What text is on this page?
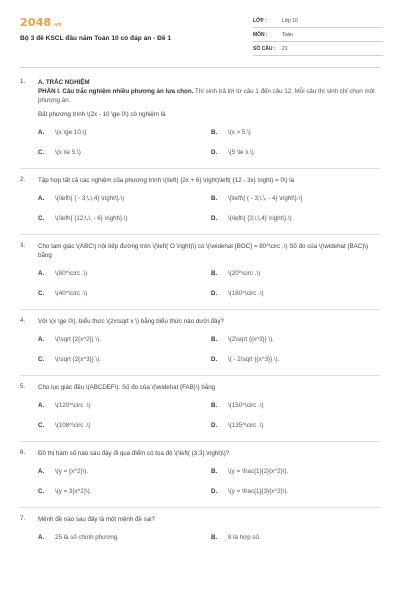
2048.vn
Bộ 3 đề KSCL đầu năm Toán 10 có đáp án - Đề 1
LỚP :	Lớp 10
MÔN :	Toán
SỐ CÂU :	21
1. A. TRẮC NGHIỆM
PHẦN I. Câu trắc nghiệm nhiều phương án lựa chọn. Thí sinh trả lời từ câu 1 đến câu 12. Mỗi câu thí sinh chỉ chọn một phương án.
Bất phương trình \(2x - 10 \ge 0\) có nghiệm là
A.	\(x \ge 10.\)	B.	\(x > 5.\)
C.	\(x \le 5.\)	D.	\(5 \le x.\)
2. Tập hợp tất cả các nghiệm của phương trình \(\left( {2x + 6} \right)\left( {12 - 3x} \right) = 0\) là
A.	\(\left\{ { - 3;\,\,4} \right\}.\)	B.	\[\left\{ { - 3;\,\, - 4} \right\}.\]
C.	\(\left\{ {12;\,\, - 6} \right\}.\)	D.	\(\left\{ {3;\,\,4} \right\}.\)
3. Cho tam giác \(ABC\) nội tiếp đường tròn \(\left( O \right)\) có \(\widehat {BOC} = 80^\circ .\) Số đo của \(\widehat {BAC}\) bằng
A.	\(80^\circ .\)	B.	\(20^\circ .\)
C.	\(40^\circ .\)	D.	\(160^\circ .\)
4. Với \(x \ge 0\), biểu thức \(2x\sqrt x \) bằng biểu thức nào dưới đây?
A.	\(\sqrt {2{x^2}} \).	B.	\(2\sqrt {{x^3}} \).
C.	\(\sqrt {2{x^3}} \).	D.	\( - 2\sqrt {{x^3}} \).
5. Cho lục giác đều \(ABCDEF\). Số đo của \(\widehat {FAB}\) bằng
A.	\(120^\circ .\)	B.	\(150^\circ .\)
C.	\(108^\circ .\)	D.	\(135^\circ .\)
6. Đồ thị hàm số nào sau đây đi qua điểm có tọa độ \(\left( {3;3} \right)\)?
A.	\(y = {x^2}\).	B.	\(y = \frac{1}{2}{x^2}\).
C.	\(y = 3{x^2}\).	D.	\(y = \frac{1}{3}{x^2}\).
7. Mệnh đề nào sau đây là một mệnh đề sai?
A.	25 là số chính phương.	B.	8 là hợp số.
